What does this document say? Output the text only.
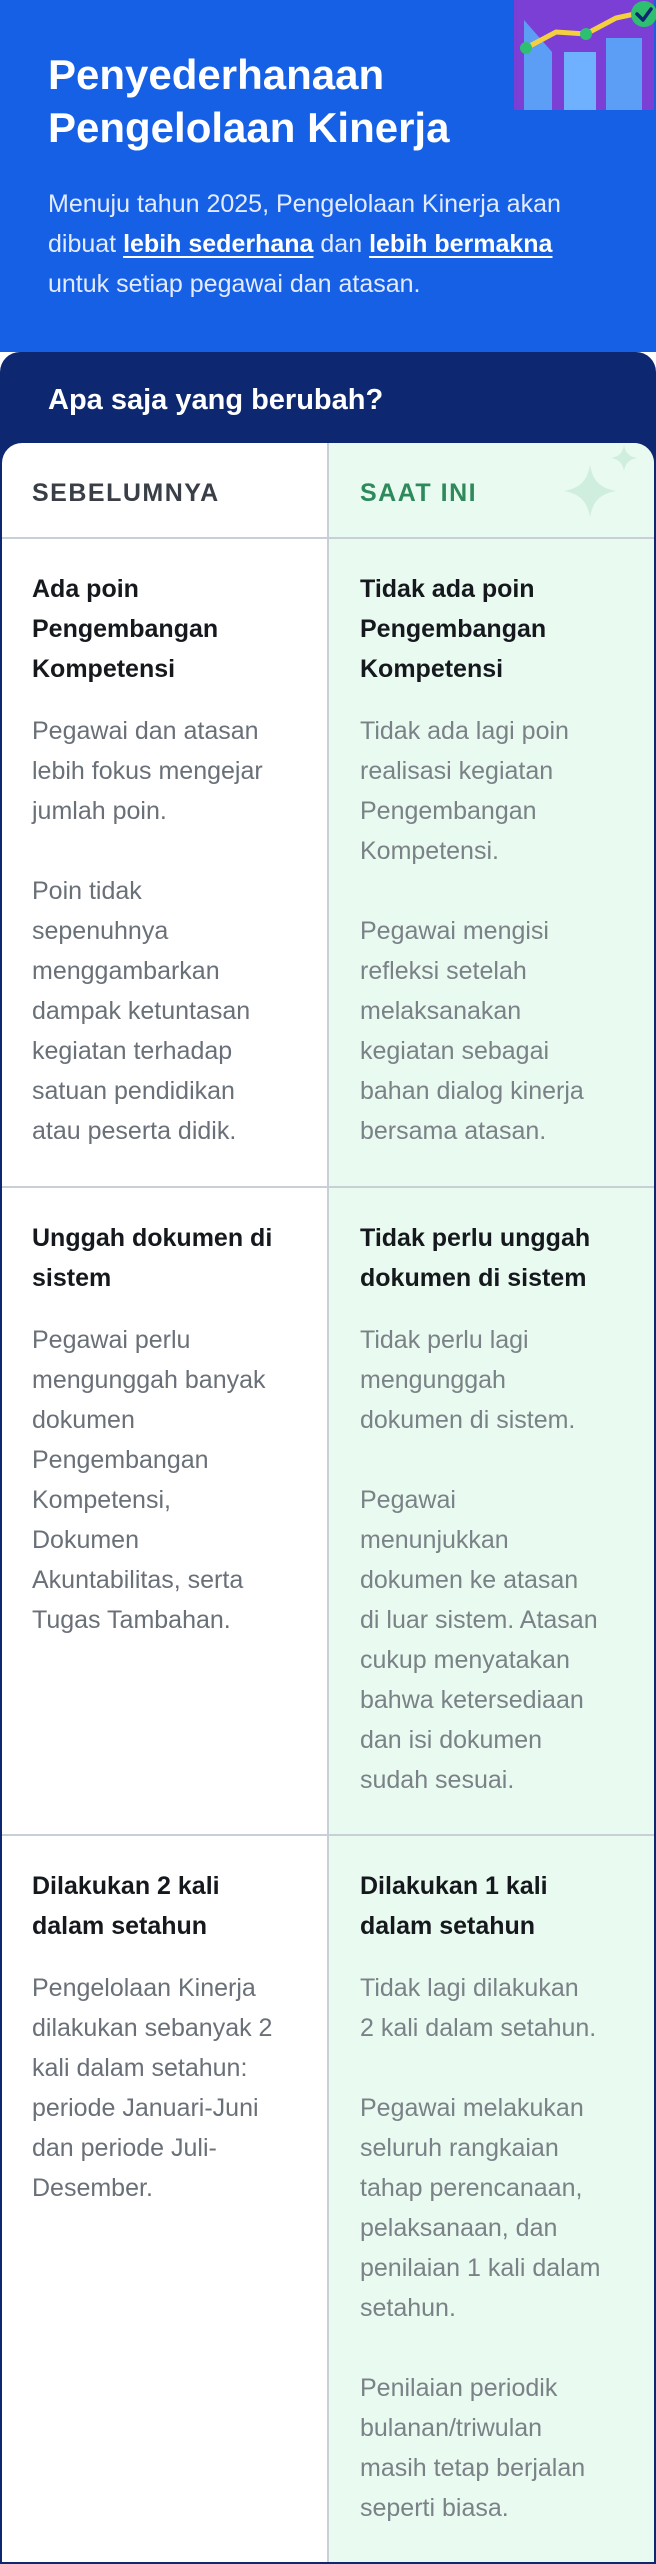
Penyederhanaan
Pengelolaan Kinerja
Menuju tahun 2025, Pengelolaan Kinerja akan
dibuat lebih sederhana dan lebih bermakna
untuk setiap pegawai dan atasan.
Apa saja yang berubah?
SEBELUMNYA	SAAT INI
Ada poin
Pengembangan
Kompetensi
Pegawai dan atasan
lebih fokus mengejar
jumlah poin.
Poin tidak
sepenuhnya
menggambarkan
dampak ketuntasan
kegiatan terhadap
satuan pendidikan
atau peserta didik.
Tidak ada poin
Pengembangan
Kompetensi
Tidak ada lagi poin
realisasi kegiatan
Pengembangan
Kompetensi.
Pegawai mengisi
refleksi setelah
melaksanakan
kegiatan sebagai
bahan dialog kinerja
bersama atasan.
Unggah dokumen di
sistem
Pegawai perlu
mengunggah banyak
dokumen
Pengembangan
Kompetensi,
Dokumen
Akuntabilitas, serta
Tugas Tambahan.
Tidak perlu unggah
dokumen di sistem
Tidak perlu lagi
mengunggah
dokumen di sistem.
Pegawai
menunjukkan
dokumen ke atasan
di luar sistem. Atasan
cukup menyatakan
bahwa ketersediaan
dan isi dokumen
sudah sesuai.
Dilakukan 2 kali
dalam setahun
Pengelolaan Kinerja
dilakukan sebanyak 2
kali dalam setahun:
periode Januari-Juni
dan periode Juli-
Desember.
Dilakukan 1 kali
dalam setahun
Tidak lagi dilakukan
2 kali dalam setahun.
Pegawai melakukan
seluruh rangkaian
tahap perencanaan,
pelaksanaan, dan
penilaian 1 kali dalam
setahun.
Penilaian periodik
bulanan/triwulan
masih tetap berjalan
seperti biasa.
